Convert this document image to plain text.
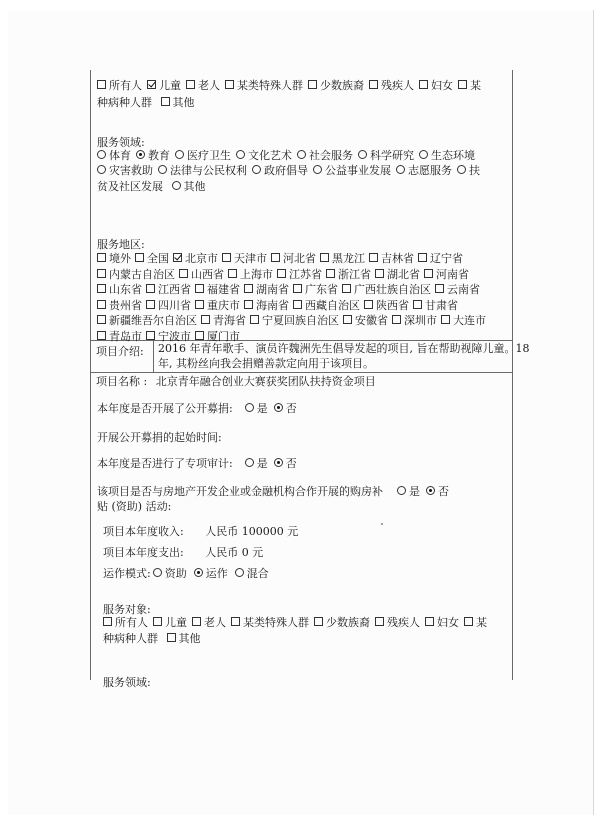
所有人 儿童 老人 某类特殊人群 少数族裔 残疾人 妇女 某
种病种人群 其他
服务领域:
体育 教育 医疗卫生 文化艺术 社会服务 科学研究 生态环境
灾害救助 法律与公民权利 政府倡导 公益事业发展 志愿服务 扶
贫及社区发展 其他
服务地区:
境外 全国 北京市 天津市 河北省 黑龙江 吉林省 辽宁省
内蒙古自治区 山西省 上海市 江苏省 浙江省 湖北省 河南省
山东省 江西省 福建省 湖南省 广东省 广西壮族自治区 云南省
贵州省 四川省 重庆市 海南省 西藏自治区 陕西省 甘肃省
新疆维吾尔自治区 青海省 宁夏回族自治区 安徽省 深圳市 大连市
青岛市 宁波市 厦门市
项目介绍: 2016 年青年歌手、演员许魏洲先生倡导发起的项目, 旨在帮助视障儿童。18
年, 其粉丝向我会捐赠善款定向用于该项目。
项目名称 : 北京青年融合创业大赛获奖团队扶持资金项目
本年度是否开展了公开募捐: 是 否
开展公开募捐的起始时间:
本年度是否进行了专项审计: 是 否
该项目是否与房地产开发企业或金融机构合作开展的购房补 是 否
贴 (资助) 活动:
项目本年度收入: 人民币 100000 元
项目本年度支出: 人民币 0 元
运作模式: 资助 运作 混合
服务对象:
所有人 儿童 老人 某类特殊人群 少数族裔 残疾人 妇女 某
种病种人群 其他
服务领域:
